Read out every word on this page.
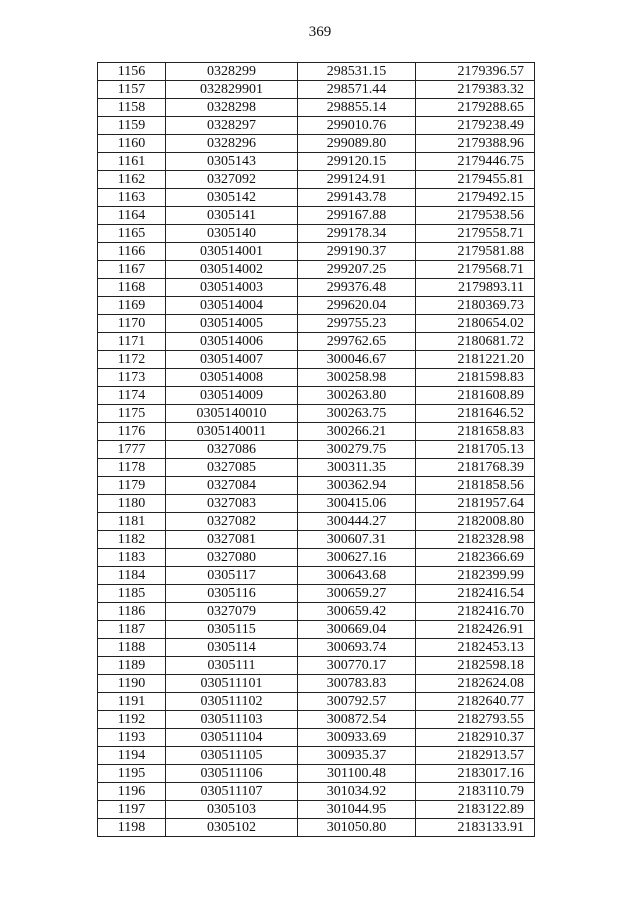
369
1156	0328299	298531.15	2179396.57
1157	032829901	298571.44	2179383.32
1158	0328298	298855.14	2179288.65
1159	0328297	299010.76	2179238.49
1160	0328296	299089.80	2179388.96
1161	0305143	299120.15	2179446.75
1162	0327092	299124.91	2179455.81
1163	0305142	299143.78	2179492.15
1164	0305141	299167.88	2179538.56
1165	0305140	299178.34	2179558.71
1166	030514001	299190.37	2179581.88
1167	030514002	299207.25	2179568.71
1168	030514003	299376.48	2179893.11
1169	030514004	299620.04	2180369.73
1170	030514005	299755.23	2180654.02
1171	030514006	299762.65	2180681.72
1172	030514007	300046.67	2181221.20
1173	030514008	300258.98	2181598.83
1174	030514009	300263.80	2181608.89
1175	0305140010	300263.75	2181646.52
1176	0305140011	300266.21	2181658.83
1777	0327086	300279.75	2181705.13
1178	0327085	300311.35	2181768.39
1179	0327084	300362.94	2181858.56
1180	0327083	300415.06	2181957.64
1181	0327082	300444.27	2182008.80
1182	0327081	300607.31	2182328.98
1183	0327080	300627.16	2182366.69
1184	0305117	300643.68	2182399.99
1185	0305116	300659.27	2182416.54
1186	0327079	300659.42	2182416.70
1187	0305115	300669.04	2182426.91
1188	0305114	300693.74	2182453.13
1189	0305111	300770.17	2182598.18
1190	030511101	300783.83	2182624.08
1191	030511102	300792.57	2182640.77
1192	030511103	300872.54	2182793.55
1193	030511104	300933.69	2182910.37
1194	030511105	300935.37	2182913.57
1195	030511106	301100.48	2183017.16
1196	030511107	301034.92	2183110.79
1197	0305103	301044.95	2183122.89
1198	0305102	301050.80	2183133.91
